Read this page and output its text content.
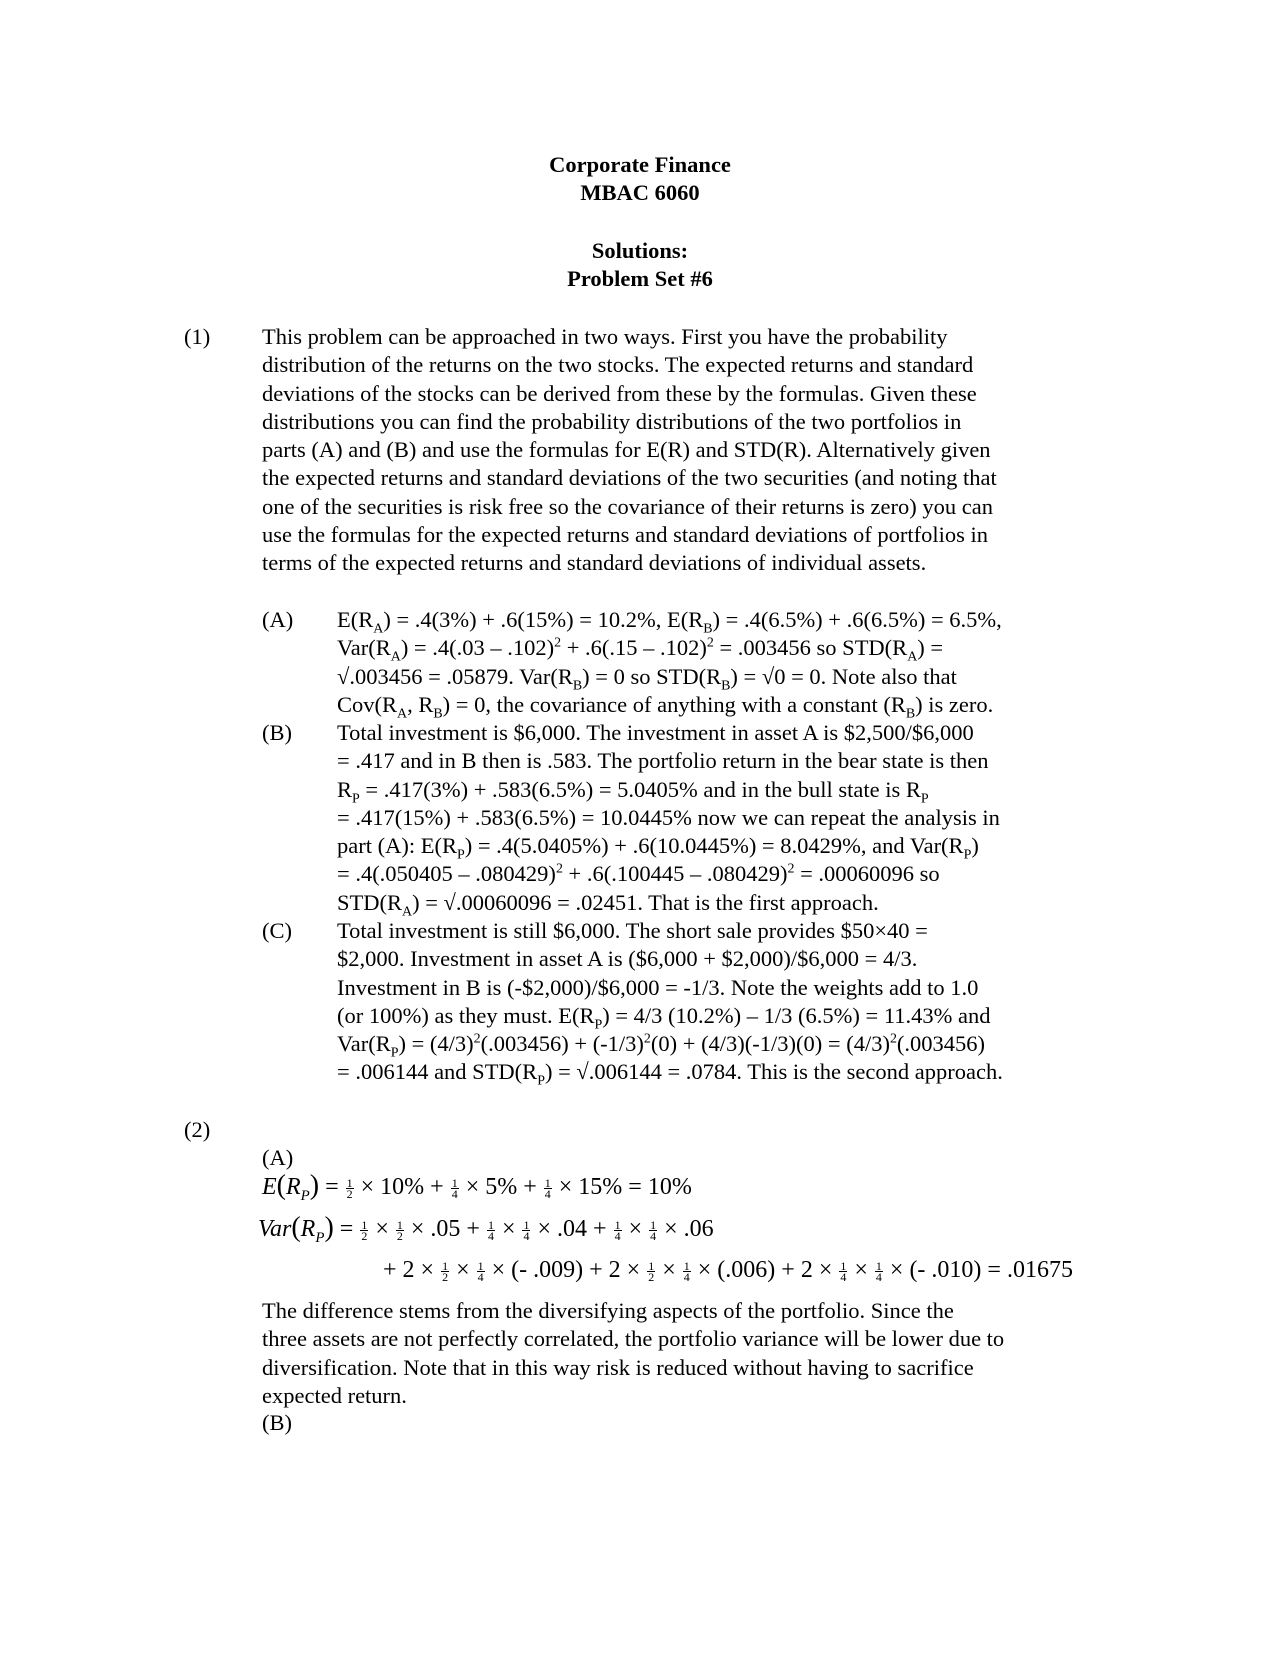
Corporate Finance
MBAC 6060
Solutions:
Problem Set #6
(1) This problem can be approached in two ways. First you have the probability
distribution of the returns on the two stocks. The expected returns and standard
deviations of the stocks can be derived from these by the formulas. Given these
distributions you can find the probability distributions of the two portfolios in
parts (A) and (B) and use the formulas for E(R) and STD(R). Alternatively given
the expected returns and standard deviations of the two securities (and noting that
one of the securities is risk free so the covariance of their returns is zero) you can
use the formulas for the expected returns and standard deviations of portfolios in
terms of the expected returns and standard deviations of individual assets.
(A) $E(R_A) = .4(3\%) + .6(15\%) = 10.2\%$, $E(R_B) = .4(6.5\%) + .6(6.5\%) = 6.5\%$,
$Var(R_A) = .4(.03 - .102)^2 + .6(.15 - .102)^2 = .003456$ so $STD(R_A)$ =
√.003456 = .05879. $Var(R_B) = 0$ so $STD(R_B) = √0 = 0$. Note also that
$Cov(R_A$, $R_B) = 0$, the covariance of anything with a constant $(R_B)$ is zero.
(B) Total investment is $6,000. The investment in asset A is $2,500/$6,000
= .417 and in B then is .583. The portfolio return in the bear state is then
$R_P = .417(3\%) + .583(6.5\%) = 5.0405\%$ and in the bull state is $R_P$
= .417(15%) + .583(6.5%) = 10.0445% now we can repeat the analysis in
part (A): $E(R_P) = .4(5.0405\%) + .6(10.0445\%) = 8.0429\%$, and $Var(R_P)$
= .4(.050405 – .080429)$^2$ + .6(.100445 – .080429)$^2$ = .00060096 so
$STD(R_A) = √.00060096 = .02451$. That is the first approach.
(C) Total investment is still $6,000. The short sale provides $50×40 =
$2,000. Investment in asset A is ($6,000 + $2,000)/$6,000 = 4/3.
Investment in B is (-$2,000)/$6,000 = -1/3. Note the weights add to 1.0
(or 100%) as they must. $E(R_P) = 4/3$ (10.2%) – 1/3 (6.5%) = 11.43% and
$Var(R_P) = (4/3)^2(.003456) + (-1/3)^2(0) + (4/3)(-1/3)(0) = (4/3)^2(.003456)$
= .006144 and $STD(R_P) = √.006144 = .0784$. This is the second approach.
(2)
(A)
$E(R_P) = \frac{1}{2} \times 10\% + \frac{1}{4} \times 5\% + \frac{1}{4} \times 15\% = 10\%$
$Var(R_P) = \frac{1}{2} \times \frac{1}{2} \times .05 + \frac{1}{4} \times \frac{1}{4} \times .04 + \frac{1}{4} \times \frac{1}{4} \times .06$
+ $2 \times \frac{1}{2} \times \frac{1}{4}$ × (- $.009) + 2 \times \frac{1}{2} \times \frac{1}{4} \times (.006) + 2 \times \frac{1}{4} \times \frac{1}{4}$ × (- .010) = .01675
The difference stems from the diversifying aspects of the portfolio. Since the
three assets are not perfectly correlated, the portfolio variance will be lower due to
diversification. Note that in this way risk is reduced without having to sacrifice
expected return.
(B)
